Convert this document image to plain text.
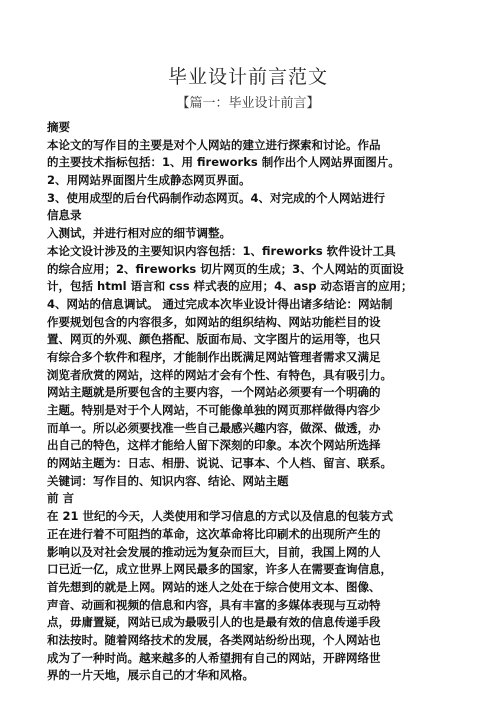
毕业设计前言范文
【篇一：毕业设计前言】
摘要
本论文的写作目的主要是对个人网站的建立进行探索和讨论。作品
的主要技术指标包括：1、用 fireworks 制作出个人网站界面图片。
2、用网站界面图片生成静态网页界面。
3、使用成型的后台代码制作动态网页。4、对完成的个人网站进行
信息录
入测试，并进行相对应的细节调整。
本论文设计涉及的主要知识内容包括：1、fireworks 软件设计工具
的综合应用；2、fireworks 切片网页的生成；3、个人网站的页面设
计，包括 html 语言和 css 样式表的应用；4、asp 动态语言的应用；
4、网站的信息调试。 通过完成本次毕业设计得出诸多结论：网站制
作要规划包含的内容很多，如网站的组织结构、网站功能栏目的设
置、网页的外观、颜色搭配、版面布局、文字图片的运用等，也只
有综合多个软件和程序，才能制作出既满足网站管理者需求又满足
浏览者欣赏的网站，这样的网站才会有个性、有特色，具有吸引力。
网站主题就是所要包含的主要内容，一个网站必须要有一个明确的
主题。特别是对于个人网站，不可能像单独的网页那样做得内容少
而单一。所以必须要找准一些自己最感兴趣内容，做深、做透，办
出自己的特色，这样才能给人留下深刻的印象。本次个网站所选择
的网站主题为：日志、相册、说说、记事本、个人档、留言、联系。
关键词：写作目的、知识内容、结论、网站主题
前 言
在 21 世纪的今天，人类使用和学习信息的方式以及信息的包装方式
正在进行着不可阻挡的革命，这次革命将比印刷术的出现所产生的
影响以及对社会发展的推动远为复杂而巨大，目前，我国上网的人
口已近一亿，成立世界上网民最多的国家，许多人在需要查询信息，
首先想到的就是上网。网站的迷人之处在于综合使用文本、图像、
声音、动画和视频的信息和内容，具有丰富的多媒体表现与互动特
点，毋庸置疑，网站已成为最吸引人的也是最有效的信息传递手段
和法按时。随着网络技术的发展，各类网站纷纷出现，个人网站也
成为了一种时尚。越来越多的人希望拥有自己的网站，开辟网络世
界的一片天地，展示自己的才华和风格。
